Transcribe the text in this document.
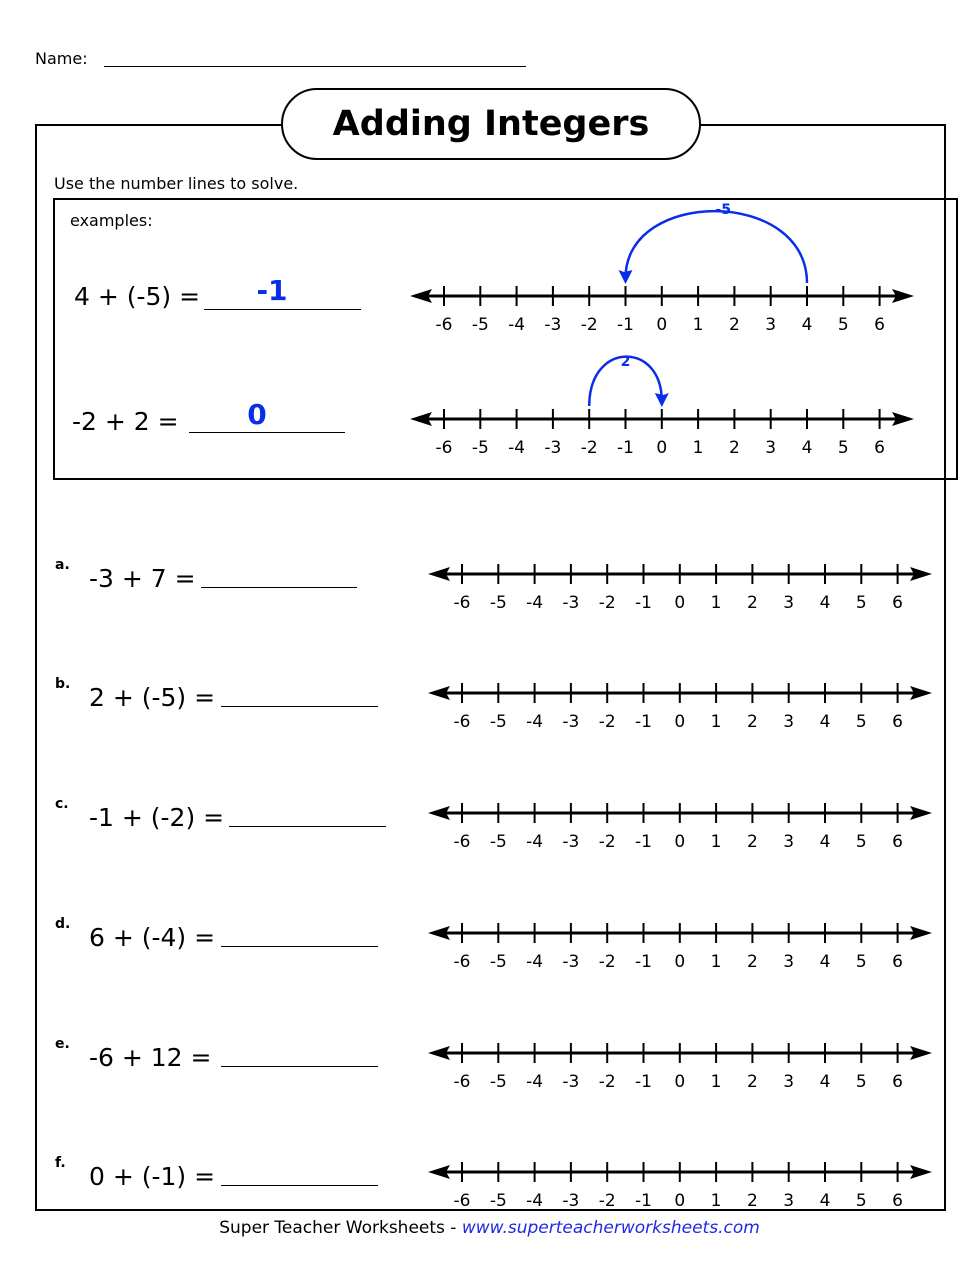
Name:
Adding Integers
Use the number lines to solve.
examples:
4 + (-5) =	-1
-2 + 2 =	0
a. -3 + 7 =
b. 2 + (-5) =
c. -1 + (-2) =
d. 6 + (-4) =
e. -6 + 12 =
f. 0 + (-1) =
-6 -5 -4 -3 -2 -1 0 1 2 3 4 5 6
-6 -5 -4 -3 -2 -1 0 1 2 3 4 5 6
-6 -5 -4 -3 -2 -1 0 1 2 3 4 5 6
-6 -5 -4 -3 -2 -1 0 1 2 3 4 5 6
-6 -5 -4 -3 -2 -1 0 1 2 3 4 5 6
-6 -5 -4 -3 -2 -1 0 1 2 3 4 5 6
-6 -5 -4 -3 -2 -1 0 1 2 3 4 5 6
-6 -5 -4 -3 -2 -1 0 1 2 3 4 5 6
-5
2
Super Teacher Worksheets - www.superteacherworksheets.com
